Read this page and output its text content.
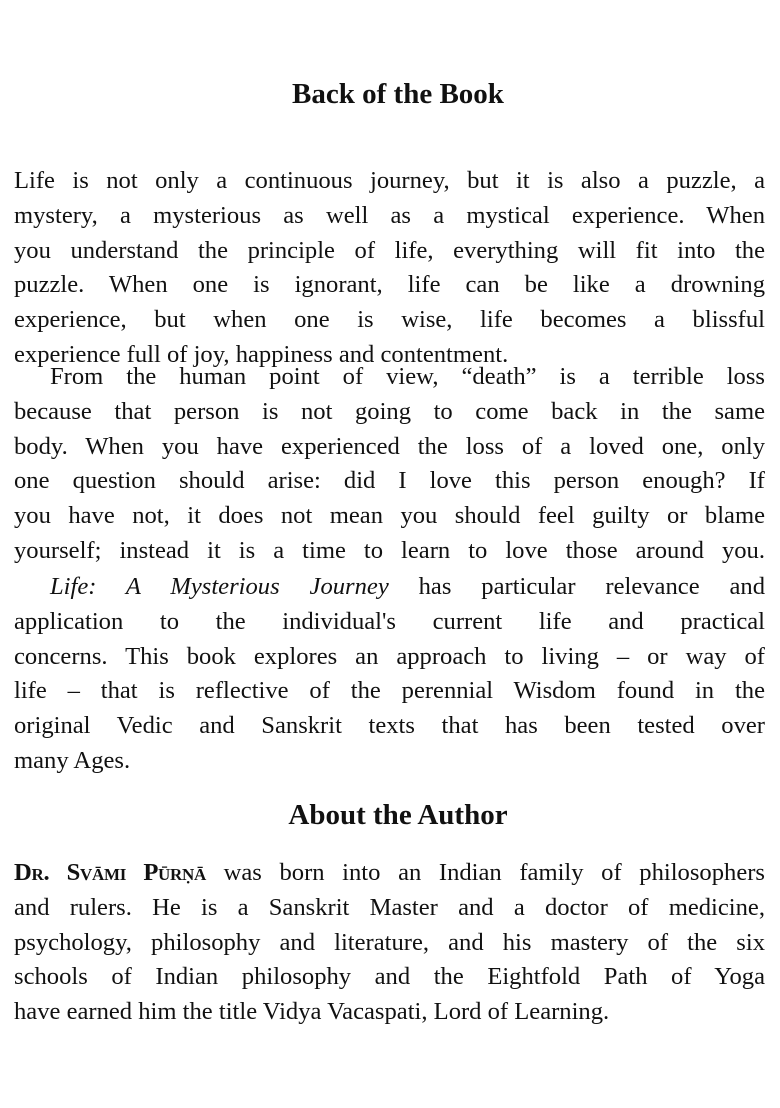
Back of the Book
Life is not only a continuous journey, but it is also a puzzle, a
mystery, a mysterious as well as a mystical experience. When
you understand the principle of life, everything will fit into the
puzzle. When one is ignorant, life can be like a drowning
experience, but when one is wise, life becomes a blissful
experience full of joy, happiness and contentment.
From the human point of view, “death” is a terrible loss
because that person is not going to come back in the same
body. When you have experienced the loss of a loved one, only
one question should arise: did I love this person enough? If
you have not, it does not mean you should feel guilty or blame
yourself; instead it is a time to learn to love those around you.
Life: A Mysterious Journey has particular relevance and
application to the individual's current life and practical
concerns. This book explores an approach to living – or way of
life – that is reflective of the perennial Wisdom found in the
original Vedic and Sanskrit texts that has been tested over
many Ages.
About the Author
Dr. Svāmi Pūrṇā was born into an Indian family of philosophers
and rulers. He is a Sanskrit Master and a doctor of medicine,
psychology, philosophy and literature, and his mastery of the six
schools of Indian philosophy and the Eightfold Path of Yoga
have earned him the title Vidya Vacaspati, Lord of Learning.
